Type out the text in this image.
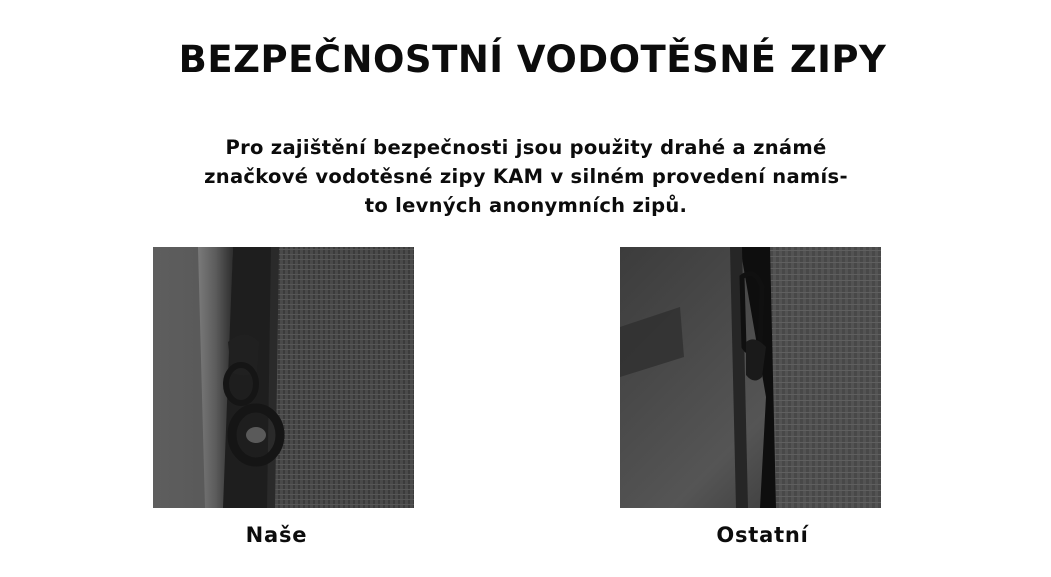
BEZPEČNOSTNÍ VODOTĚSNÉ ZIPY

Pro zajištění bezpečnosti jsou použity drahé a známé
značkové vodotěsné zipy KAM v silném provedení namís-
to levných anonymních zipů.

Naše	Ostatní
